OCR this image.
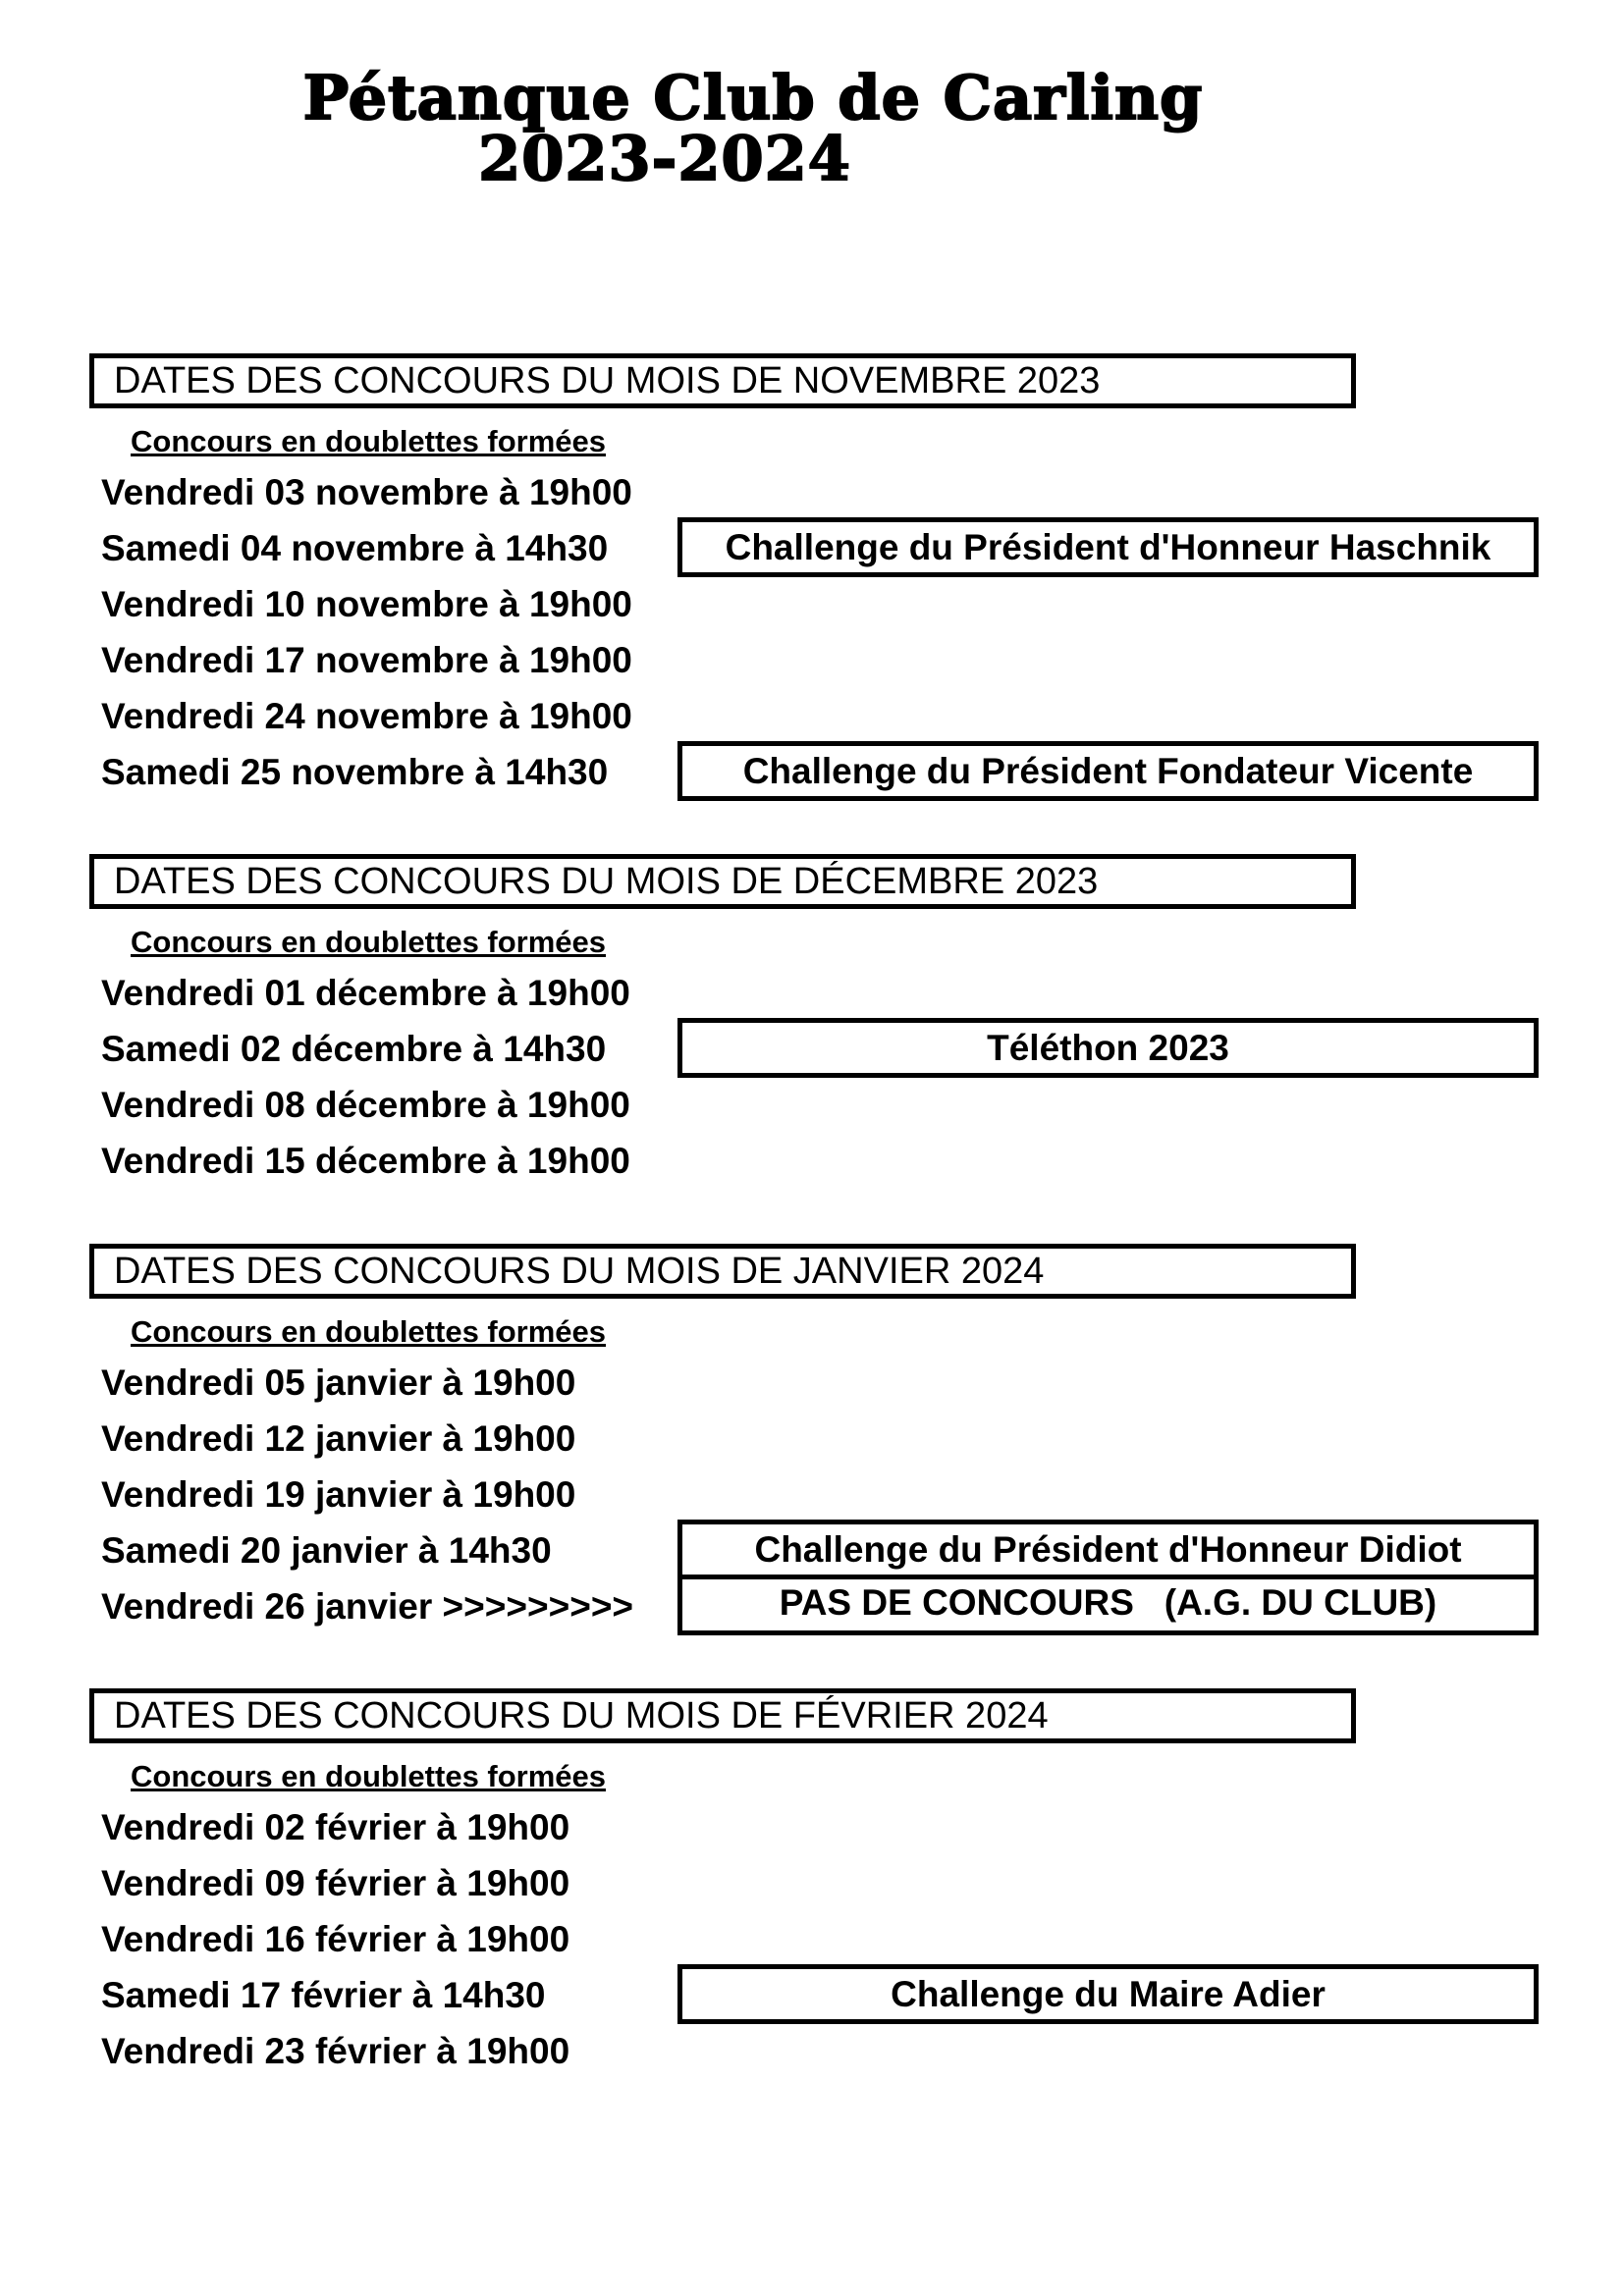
Pétanque Club de Carling
2023-2024
DATES DES CONCOURS DU MOIS DE NOVEMBRE 2023
Concours en doublettes formées
Vendredi 03 novembre à 19h00
Samedi 04 novembre à 14h30	Challenge du Président d'Honneur Haschnik
Vendredi 10 novembre à 19h00
Vendredi 17 novembre à 19h00
Vendredi 24 novembre à 19h00
Samedi 25 novembre à 14h30	Challenge du Président Fondateur Vicente
DATES DES CONCOURS DU MOIS DE DÉCEMBRE 2023
Concours en doublettes formées
Vendredi 01 décembre à 19h00
Samedi 02 décembre à 14h30	Téléthon 2023
Vendredi 08 décembre à 19h00
Vendredi 15 décembre à 19h00
DATES DES CONCOURS DU MOIS DE JANVIER 2024
Concours en doublettes formées
Vendredi 05 janvier à 19h00
Vendredi 12 janvier à 19h00
Vendredi 19 janvier à 19h00
Samedi 20 janvier à 14h30	Challenge du Président d'Honneur Didiot
Vendredi 26 janvier >>>>>>>>>	PAS DE CONCOURS   (A.G. DU CLUB)
DATES DES CONCOURS DU MOIS DE FÉVRIER 2024
Concours en doublettes formées
Vendredi 02 février à 19h00
Vendredi 09 février à 19h00
Vendredi 16 février à 19h00
Samedi 17 février à 14h30	Challenge du Maire Adier
Vendredi 23 février à 19h00
